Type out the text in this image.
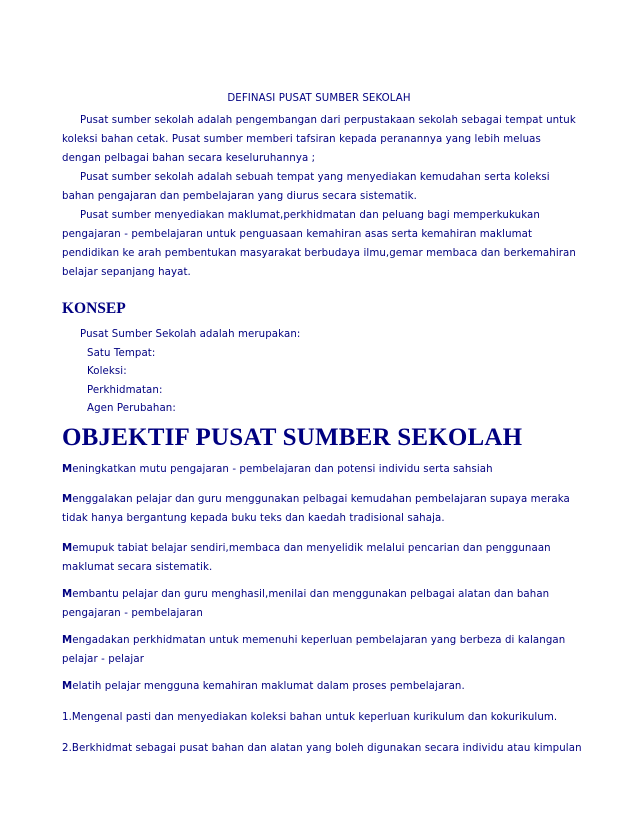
DEFINASI PUSAT SUMBER SEKOLAH

Pusat sumber sekolah adalah pengembangan dari perpustakaan sekolah sebagai tempat untuk koleksi bahan cetak. Pusat sumber memberi tafsiran kepada peranannya yang lebih meluas dengan pelbagai bahan secara keseluruhannya ;

Pusat sumber sekolah adalah sebuah tempat yang menyediakan kemudahan serta koleksi bahan pengajaran dan pembelajaran yang diurus secara sistematik.

Pusat sumber menyediakan maklumat,perkhidmatan dan peluang bagi memperkukukan pengajaran - pembelajaran untuk penguasaan kemahiran asas serta kemahiran maklumat pendidikan ke arah pembentukan masyarakat berbudaya ilmu,gemar membaca dan berkemahiran belajar sepanjang hayat.

KONSEP
Pusat Sumber Sekolah adalah merupakan:
Satu Tempat:
Koleksi:
Perkhidmatan:
Agen Perubahan:
OBJEKTIF PUSAT SUMBER SEKOLAH
Meningkatkan mutu pengajaran - pembelajaran dan potensi individu serta sahsiah
Menggalakan pelajar dan guru menggunakan pelbagai kemudahan pembelajaran supaya meraka tidak hanya bergantung kepada buku teks dan kaedah tradisional sahaja.
Memupuk tabiat belajar sendiri,membaca dan menyelidik melalui pencarian dan penggunaan maklumat secara sistematik.
Membantu pelajar dan guru menghasil,menilai dan menggunakan pelbagai alatan dan bahan pengajaran - pembelajaran
Mengadakan perkhidmatan untuk memenuhi keperluan pembelajaran yang berbeza di kalangan pelajar - pelajar
Melatih pelajar mengguna kemahiran maklumat dalam proses pembelajaran.
1.Mengenal pasti dan menyediakan koleksi bahan untuk keperluan kurikulum dan kokurikulum.
2.Berkhidmat sebagai pusat bahan dan alatan yang boleh digunakan secara individu atau kimpulan
